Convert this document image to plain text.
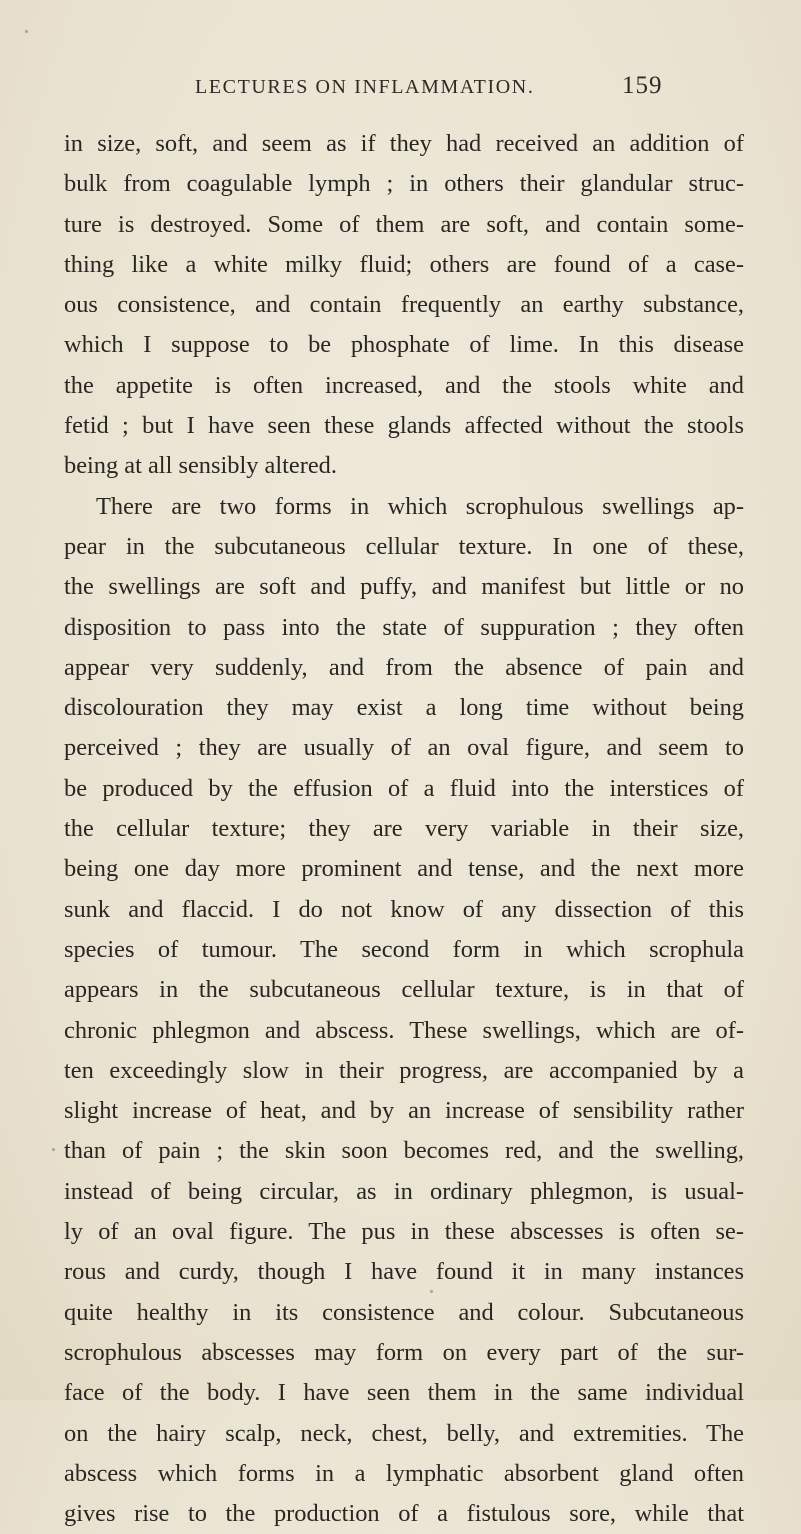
LECTURES ON INFLAMMATION.	159
in size, soft, and seem as if they had received an addition of
bulk from coagulable lymph ; in others their glandular struc-
ture is destroyed. Some of them are soft, and contain some-
thing like a white milky fluid; others are found of a case-
ous consistence, and contain frequently an earthy substance,
which I suppose to be phosphate of lime. In this disease
the appetite is often increased, and the stools white and
fetid ; but I have seen these glands affected without the stools
being at all sensibly altered.
There are two forms in which scrophulous swellings ap-
pear in the subcutaneous cellular texture. In one of these,
the swellings are soft and puffy, and manifest but little or no
disposition to pass into the state of suppuration ; they often
appear very suddenly, and from the absence of pain and
discolouration they may exist a long time without being
perceived ; they are usually of an oval figure, and seem to
be produced by the effusion of a fluid into the interstices of
the cellular texture; they are very variable in their size,
being one day more prominent and tense, and the next more
sunk and flaccid. I do not know of any dissection of this
species of tumour. The second form in which scrophula
appears in the subcutaneous cellular texture, is in that of
chronic phlegmon and abscess. These swellings, which are of-
ten exceedingly slow in their progress, are accompanied by a
slight increase of heat, and by an increase of sensibility rather
than of pain ; the skin soon becomes red, and the swelling,
instead of being circular, as in ordinary phlegmon, is usual-
ly of an oval figure. The pus in these abscesses is often se-
rous and curdy, though I have found it in many instances
quite healthy in its consistence and colour. Subcutaneous
scrophulous abscesses may form on every part of the sur-
face of the body. I have seen them in the same individual
on the hairy scalp, neck, chest, belly, and extremities. The
abscess which forms in a lymphatic absorbent gland often
gives rise to the production of a fistulous sore, while that
